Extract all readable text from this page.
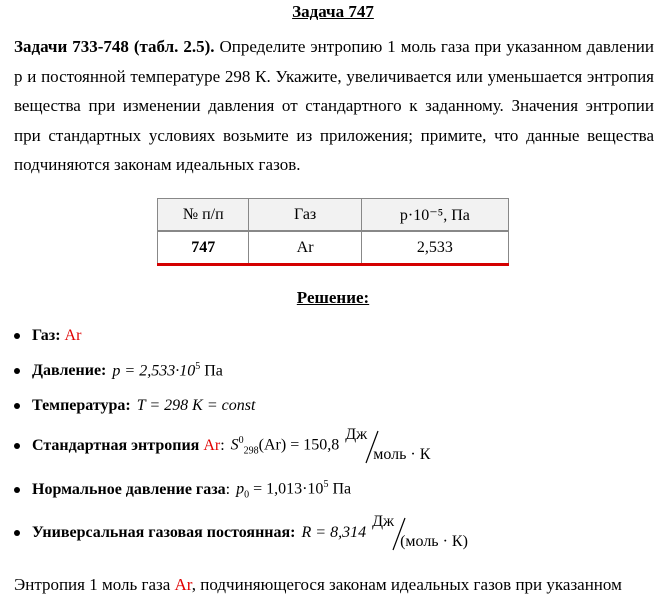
Задача 747
Задачи 733-748 (табл. 2.5). Определите энтропию 1 моль газа при указанном давлении р и постоянной температуре 298 К. Укажите, увеличивается или уменьшается энтропия вещества при изменении давления от стандартного к заданному. Значения энтропии при стандартных условиях возьмите из приложения; примите, что данные вещества подчиняются законам идеальных газов.
№ п/п	Газ	p·10⁻⁵, Па
747	Ar	2,533
Решение:
Газ:
Ar
Давление: $p = 2,533\cdot 10^5$ Па
Температура: T = 298 K = const
Стандартная энтропия
Ar : $S^0_{298}(Ar) = 150,8$
Дж
моль · К
Нормальное давление газа : $p_0 = 1,013\cdot 10^5$ Па
Универсальная газовая постоянная: R = 8,314
Дж
(моль · К)
Энтропия 1 моль газа Ar, подчиняющегося законам идеальных газов при указанном
